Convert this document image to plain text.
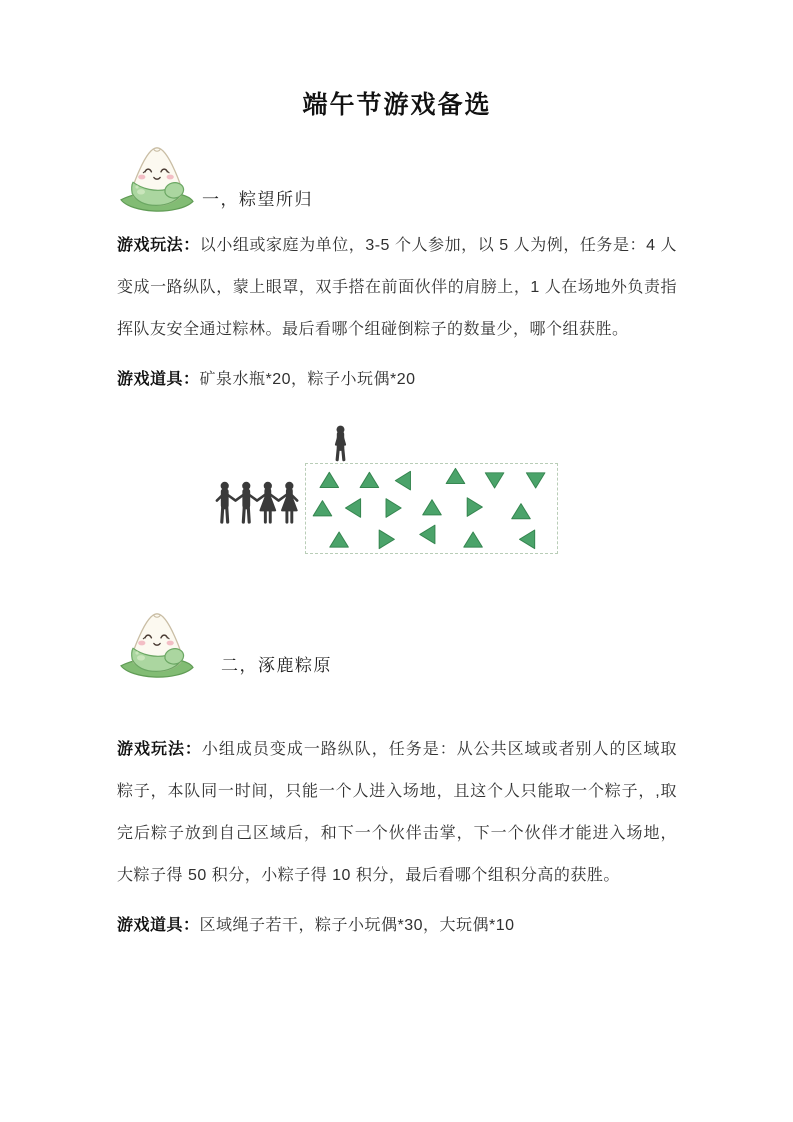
端午节游戏备选
一，粽望所归

游戏玩法：以小组或家庭为单位，3-5 个人参加，以 5 人为例，任务是：4 人变成一路纵队，蒙上眼罩，双手搭在前面伙伴的肩膀上，1 人在场地外负责指挥队友安全通过粽林。最后看哪个组碰倒粽子的数量少，哪个组获胜。

游戏道具：矿泉水瓶*20，粽子小玩偶*20

二，涿鹿粽原

游戏玩法：小组成员变成一路纵队，任务是：从公共区域或者别人的区域取粽子，本队同一时间，只能一个人进入场地，且这个人只能取一个粽子，,取完后粽子放到自己区域后，和下一个伙伴击掌，下一个伙伴才能进入场地，大粽子得 50 积分，小粽子得 10 积分，最后看哪个组积分高的获胜。

游戏道具：区域绳子若干，粽子小玩偶*30，大玩偶*10
